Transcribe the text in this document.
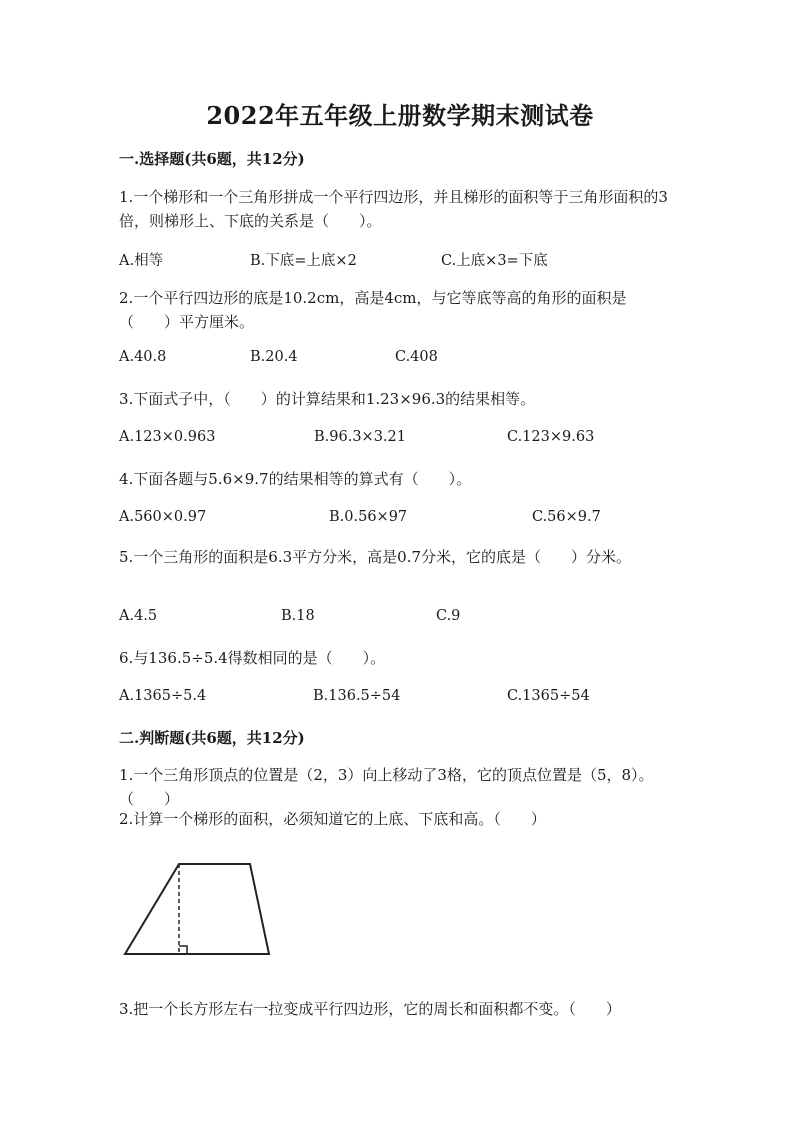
2022年五年级上册数学期末测试卷
一.选择题(共6题，共12分)
1.一个梯形和一个三角形拼成一个平行四边形，并且梯形的面积等于三角形面积的3倍，则梯形上、下底的关系是（　　）。
A.相等	B.下底=上底×2	C.上底×3=下底
2.一个平行四边形的底是10.2cm，高是4cm，与它等底等高的角形的面积是（　　）平方厘米。
A.40.8	B.20.4	C.408
3.下面式子中，（　　）的计算结果和1.23×96.3的结果相等。
A.123×0.963	B.96.3×3.21	C.123×9.63
4.下面各题与5.6×9.7的结果相等的算式有（　　）。
A.560×0.97	B.0.56×97	C.56×9.7
5.一个三角形的面积是6.3平方分米，高是0.7分米，它的底是（　　）分米。
A.4.5	B.18	C.9
6.与136.5÷5.4得数相同的是（　　）。
A.1365÷5.4	B.136.5÷54	C.1365÷54
二.判断题(共6题，共12分)
1.一个三角形顶点的位置是（2，3）向上移动了3格，它的顶点位置是（5，8）。（　　）
2.计算一个梯形的面积，必须知道它的上底、下底和高。（　　）
3.把一个长方形左右一拉变成平行四边形，它的周长和面积都不变。（　　）
